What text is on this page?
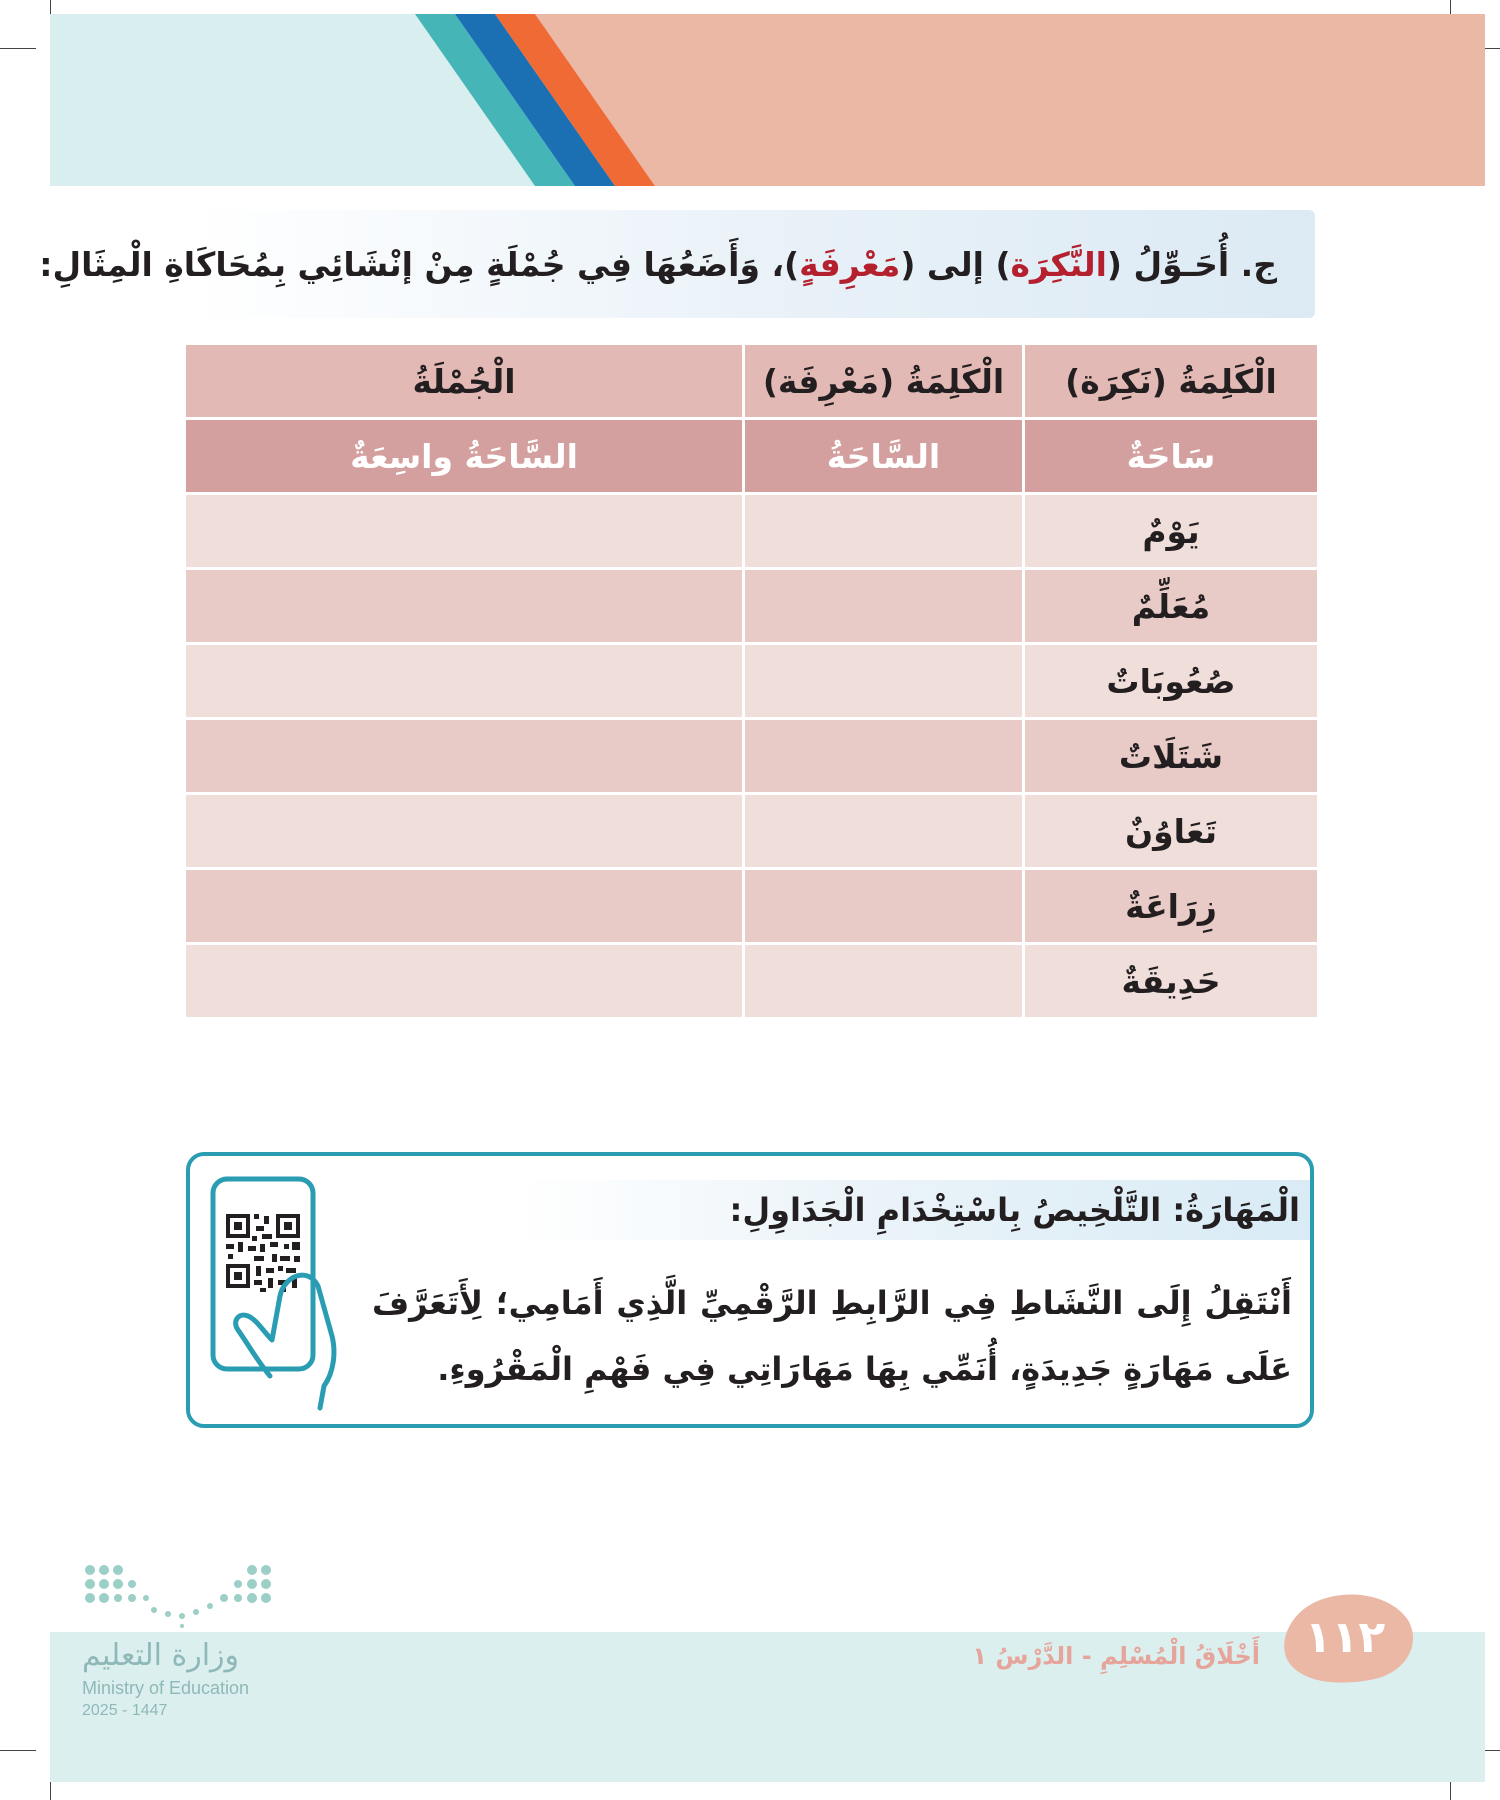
ج. أُحَـوِّلُ (النَّكِرَة) إلى (مَعْرِفَةٍ)، وَأَضَعُهَا فِي جُمْلَةٍ مِنْ إنْشَائِي بِمُحَاكَاةِ الْمِثَالِ:
الْكَلِمَةُ (نَكِرَة)	الْكَلِمَةُ (مَعْرِفَة)	الْجُمْلَةُ
سَاحَةٌ	السَّاحَةُ	السَّاحَةُ واسِعَةٌ
يَوْمٌ		
مُعَلِّمٌ		
صُعُوبَاتٌ		
شَتَلَاتٌ		
تَعَاوُنٌ		
زِرَاعَةٌ		
حَدِيقَةٌ		
الْمَهَارَةُ: التَّلْخِيصُ بِاسْتِخْدَامِ الْجَدَاوِلِ:
أَنْتَقِلُ إِلَى النَّشَاطِ فِي الرَّابِطِ الرَّقْمِيِّ الَّذِي أَمَامِي؛ لِأَتَعَرَّفَ عَلَى مَهَارَةٍ جَدِيدَةٍ، أُنَمِّي بِهَا مَهَارَاتِي فِي فَهْمِ الْمَقْرُوءِ.
١١٢
أَخْلَاقُ الْمُسْلِمِ - الدَّرْسُ ١
وزارة التعليم
Ministry of Education
2025 - 1447
